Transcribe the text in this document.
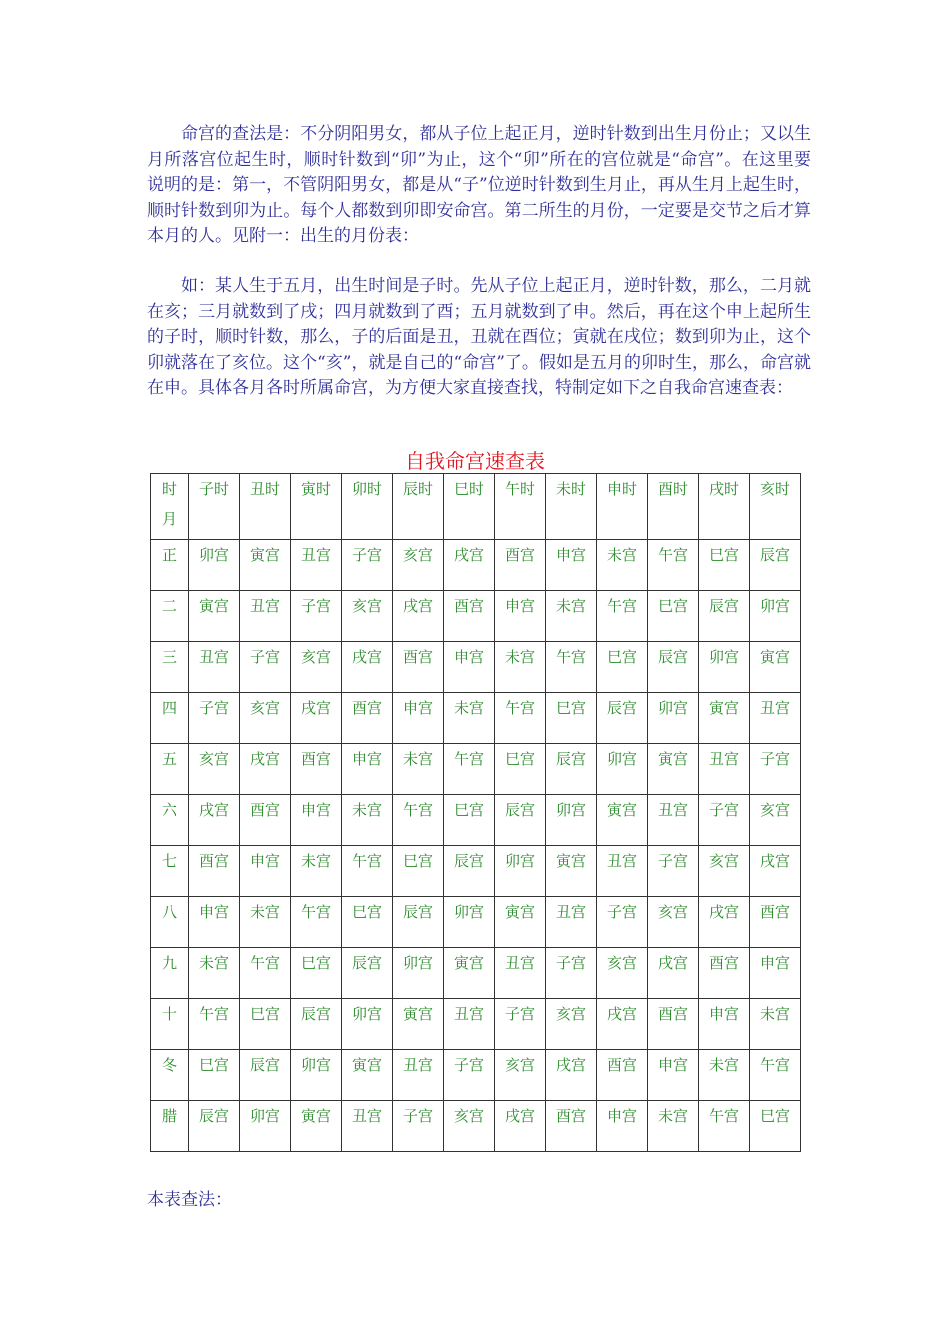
命宫的查法是：不分阴阳男女，都从子位上起正月，逆时针数到出生月份止；又以生月所落宫位起生时，顺时针数到“卯”为止，这个“卯”所在的宫位就是“命宫”。在这里要说明的是：第一，不管阴阳男女，都是从“子”位逆时针数到生月止，再从生月上起生时，顺时针数到卯为止。每个人都数到卯即安命宫。第二所生的月份，一定要是交节之后才算本月的人。见附一：出生的月份表：

如：某人生于五月，出生时间是子时。先从子位上起正月，逆时针数，那么，二月就在亥；三月就数到了戌；四月就数到了酉；五月就数到了申。然后，再在这个申上起所生的子时，顺时针数，那么，子的后面是丑，丑就在酉位；寅就在戌位；数到卯为止，这个卯就落在了亥位。这个“亥”，就是自己的“命宫”了。假如是五月的卯时生，那么，命宫就在申。具体各月各时所属命宫，为方便大家直接查找，特制定如下之自我命宫速查表：

自我命宫速查表
时
月	子时	丑时	寅时	卯时	辰时	巳时	午时	未时	申时	酉时	戌时	亥时
正	卯宫	寅宫	丑宫	子宫	亥宫	戌宫	酉宫	申宫	未宫	午宫	巳宫	辰宫
二	寅宫	丑宫	子宫	亥宫	戌宫	酉宫	申宫	未宫	午宫	巳宫	辰宫	卯宫
三	丑宫	子宫	亥宫	戌宫	酉宫	申宫	未宫	午宫	巳宫	辰宫	卯宫	寅宫
四	子宫	亥宫	戌宫	酉宫	申宫	未宫	午宫	巳宫	辰宫	卯宫	寅宫	丑宫
五	亥宫	戌宫	酉宫	申宫	未宫	午宫	巳宫	辰宫	卯宫	寅宫	丑宫	子宫
六	戌宫	酉宫	申宫	未宫	午宫	巳宫	辰宫	卯宫	寅宫	丑宫	子宫	亥宫
七	酉宫	申宫	未宫	午宫	巳宫	辰宫	卯宫	寅宫	丑宫	子宫	亥宫	戌宫
八	申宫	未宫	午宫	巳宫	辰宫	卯宫	寅宫	丑宫	子宫	亥宫	戌宫	酉宫
九	未宫	午宫	巳宫	辰宫	卯宫	寅宫	丑宫	子宫	亥宫	戌宫	酉宫	申宫
十	午宫	巳宫	辰宫	卯宫	寅宫	丑宫	子宫	亥宫	戌宫	酉宫	申宫	未宫
冬	巳宫	辰宫	卯宫	寅宫	丑宫	子宫	亥宫	戌宫	酉宫	申宫	未宫	午宫
腊	辰宫	卯宫	寅宫	丑宫	子宫	亥宫	戌宫	酉宫	申宫	未宫	午宫	巳宫
本表查法：
